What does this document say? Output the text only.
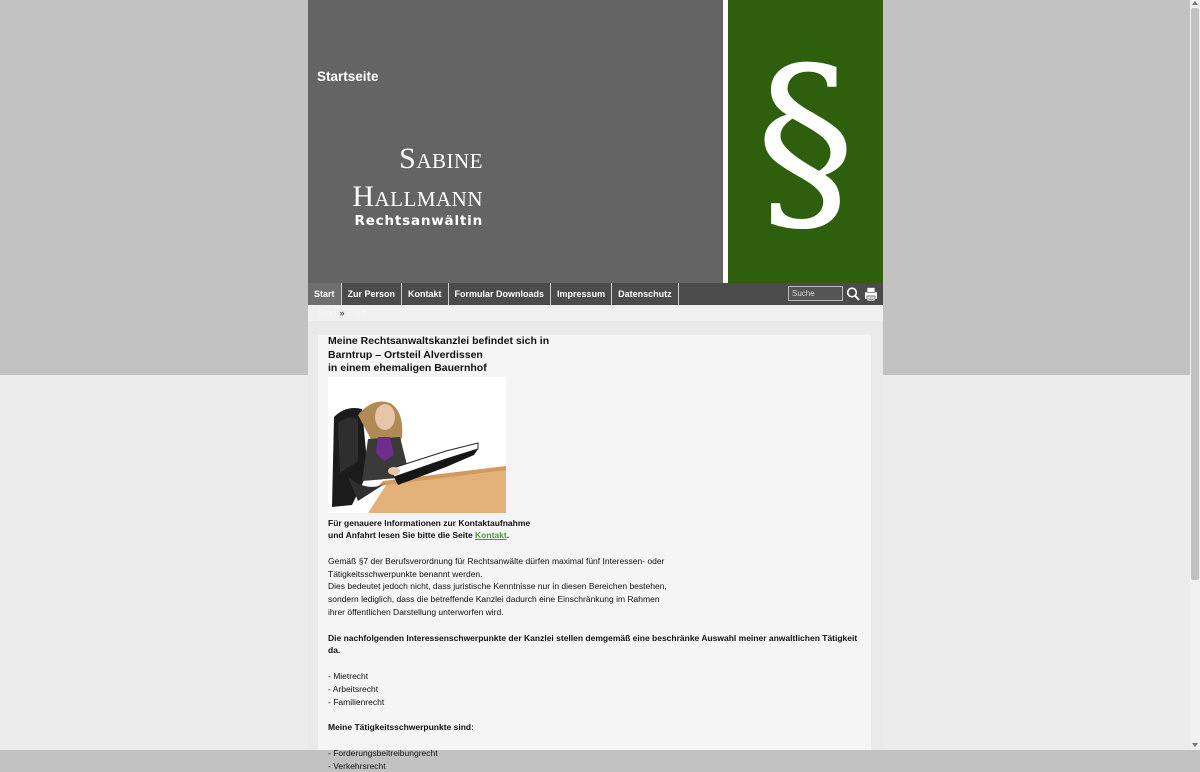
Startseite
Sabine
Hallmann
Rechtsanwältin §
Start	Zur Person	Kontakt	Formular Downloads	Impressum	Datenschutz
Suche
Start » Start
Meine Rechtsanwaltskanzlei befindet sich in
Barntrup – Ortsteil Alverdissen
in einem ehemaligen Bauernhof
Für genauere Informationen zur Kontaktaufnahme
und Anfahrt lesen Sie bitte die Seite Kontakt.
Gemäß §7 der Berufsverordnung für Rechtsanwälte dürfen maximal fünf Interessen- oder
Tätigkeitsschwerpunkte benannt werden.
Dies bedeutet jedoch nicht, dass juristische Kenntnisse nur in diesen Bereichen bestehen,
sondern lediglich, dass die betreffende Kanzlei dadurch eine Einschränkung im Rahmen
ihrer öffentlichen Darstellung unterworfen wird.
Die nachfolgenden Interessenschwerpunkte der Kanzlei stellen demgemäß eine beschränke Auswahl meiner anwaltlichen Tätigkeit da.
- Mietrecht
- Arbeitsrecht
- Familienrecht
Meine Tätigkeitsschwerpunkte sind:
- Forderungsbeitreibungrecht
- Verkehrsrecht
